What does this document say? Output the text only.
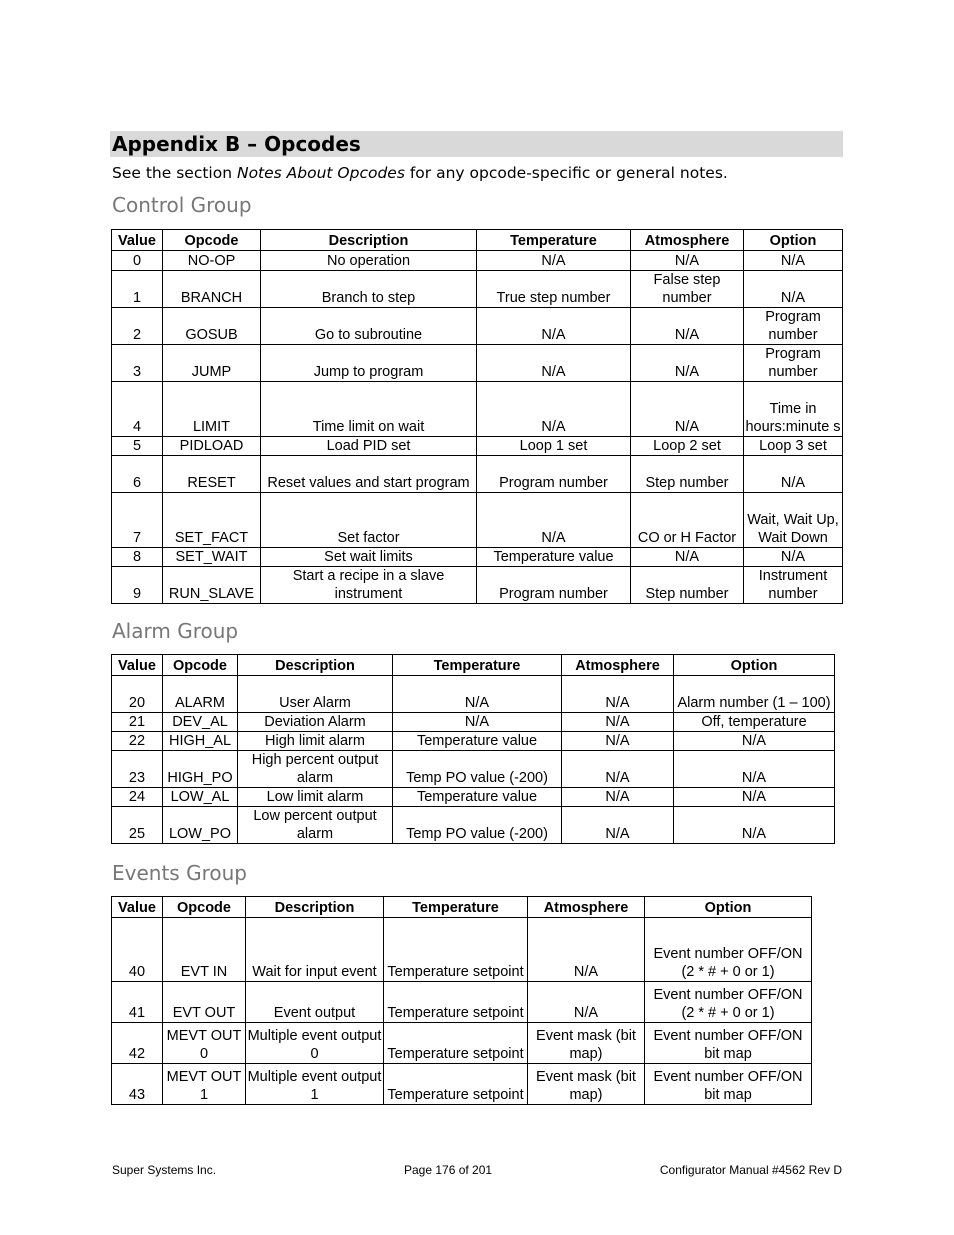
Appendix B – Opcodes
See the section Notes About Opcodes for any opcode-specific or general notes.
Control Group
Value	Opcode	Description	Temperature	Atmosphere	Option
0	NO-OP	No operation	N/A	N/A	N/A
1	BRANCH	Branch to step	True step number	False step number	N/A
2	GOSUB	Go to subroutine	N/A	N/A	Program number
3	JUMP	Jump to program	N/A	N/A	Program number
4	LIMIT	Time limit on wait	N/A	N/A	Time in hours:minute s
5	PIDLOAD	Load PID set	Loop 1 set	Loop 2 set	Loop 3 set
6	RESET	Reset values and start program	Program number	Step number	N/A
7	SET_FACT	Set factor	N/A	CO or H Factor	Wait, Wait Up, Wait Down
8	SET_WAIT	Set wait limits	Temperature value	N/A	N/A
9	RUN_SLAVE	Start a recipe in a slave instrument	Program number	Step number	Instrument number
Alarm Group
Value	Opcode	Description	Temperature	Atmosphere	Option
20	ALARM	User Alarm	N/A	N/A	Alarm number (1 – 100)
21	DEV_AL	Deviation Alarm	N/A	N/A	Off, temperature
22	HIGH_AL	High limit alarm	Temperature value	N/A	N/A
23	HIGH_PO	High percent output alarm	Temp PO value (-200)	N/A	N/A
24	LOW_AL	Low limit alarm	Temperature value	N/A	N/A
25	LOW_PO	Low percent output alarm	Temp PO value (-200)	N/A	N/A
Events Group
Value	Opcode	Description	Temperature	Atmosphere	Option
40	EVT IN	Wait for input event	Temperature setpoint	N/A	Event number OFF/ON (2 * # + 0 or 1)
41	EVT OUT	Event output	Temperature setpoint	N/A	Event number OFF/ON (2 * # + 0 or 1)
42	MEVT OUT 0	Multiple event output 0	Temperature setpoint	Event mask (bit map)	Event number OFF/ON bit map
43	MEVT OUT 1	Multiple event output 1	Temperature setpoint	Event mask (bit map)	Event number OFF/ON bit map
Super Systems Inc.	Page 176 of 201	Configurator Manual #4562 Rev D
